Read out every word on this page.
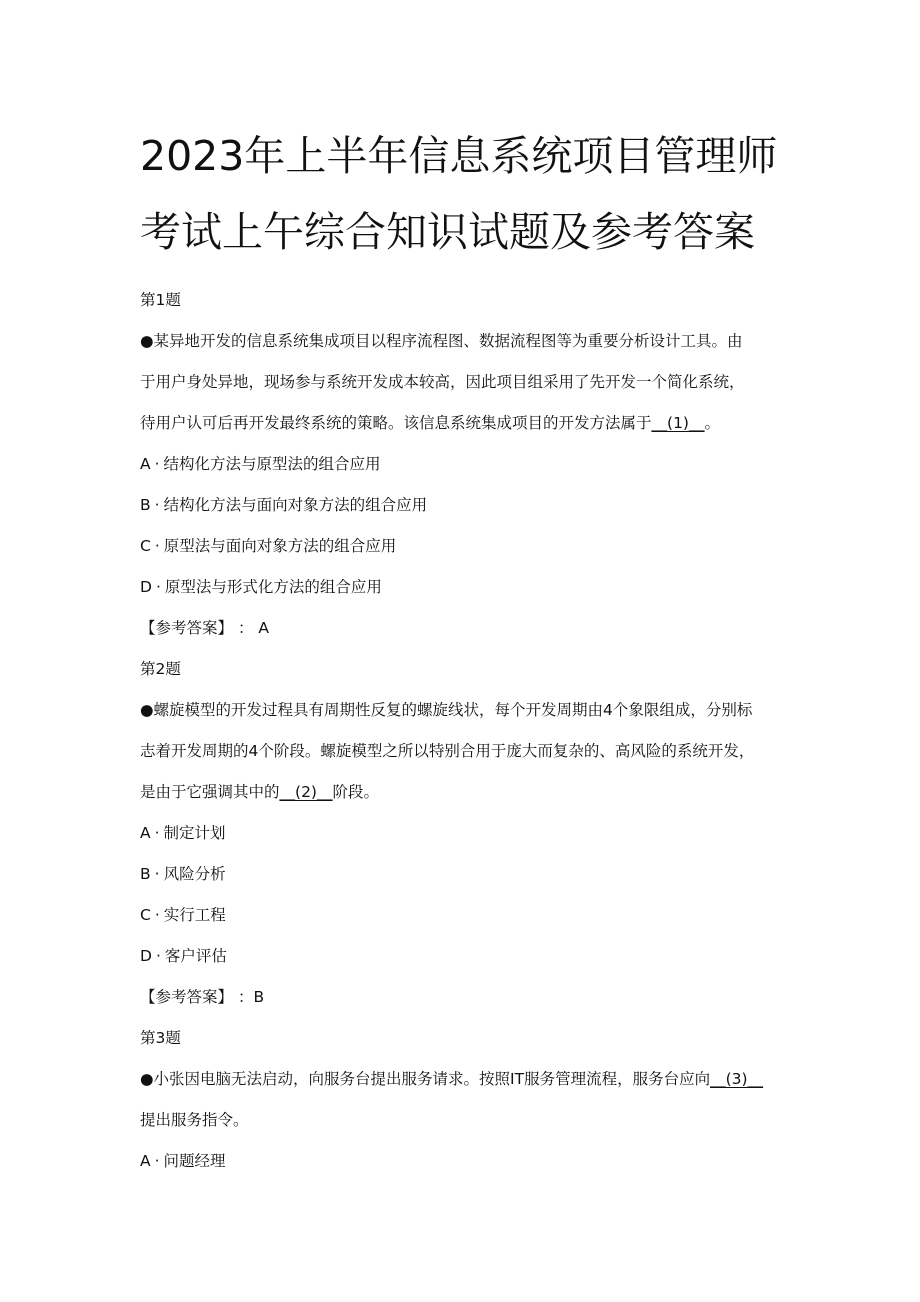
2023年上半年信息系统项目管理师
考试上午综合知识试题及参考答案
第1题
●某异地开发的信息系统集成项目以程序流程图、数据流程图等为重要分析设计工具。由
于用户身处异地，现场参与系统开发成本较高，因此项目组采用了先开发一个简化系统，
待用户认可后再开发最终系统的策略。该信息系统集成项目的开发方法属于__(1)__。
A · 结构化方法与原型法的组合应用
B · 结构化方法与面向对象方法的组合应用
C · 原型法与面向对象方法的组合应用
D · 原型法与形式化方法的组合应用
【参考答案】 ： A
第2题
●螺旋模型的开发过程具有周期性反复的螺旋线状，每个开发周期由4个象限组成，分别标
志着开发周期的4个阶段。螺旋模型之所以特别合用于庞大而复杂的、高风险的系统开发，
是由于它强调其中的__(2)__阶段。
A · 制定计划
B · 风险分析
C · 实行工程
D · 客户评估
【参考答案】 ：B
第3题
●小张因电脑无法启动，向服务台提出服务请求。按照IT服务管理流程，服务台应向__(3)__
提出服务指令。
A · 问题经理
